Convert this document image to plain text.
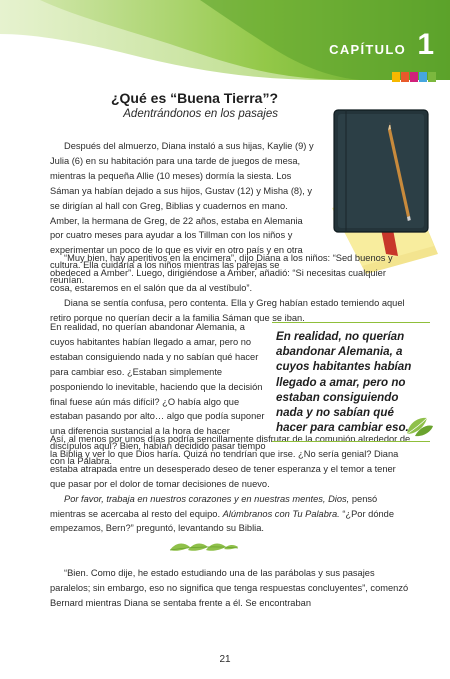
CAPÍTULO 1
¿Qué es “Buena Tierra”?
Adentrándonos en los pasajes

Después del almuerzo, Diana instaló a sus hijas, Kaylie (9) y Julia (6) en su habitación para una tarde de juegos de mesa, mientras la pequeña Allie (10 meses) dormía la siesta. Los Sáman ya habían dejado a sus hijos, Gustav (12) y Misha (8), y se dirigían al hall con Greg, Biblias y cuadernos en mano. Amber, la hermana de Greg, de 22 años, estaba en Alemania por cuatro meses para ayudar a los Tillman con los niños y experimentar un poco de lo que es vivir en otro país y en otra cultura. Ella cuidaría a los niños mientras las parejas se reunían.

“Muy bien, hay aperitivos en la encimera”, dijo Diana a los niños: “Sed buenos y obedeced a Amber”. Luego, dirigiéndose a Amber, añadió: “Si necesitas cualquier cosa, estaremos en el salón que da al vestíbulo”.

Diana se sentía confusa, pero contenta. Ella y Greg habían estado temiendo aquel retiro porque no querían decir a la familia Sáman que se iban.

En realidad, no querían abandonar Alemania, a cuyos habitantes habían llegado a amar, pero no estaban consiguiendo nada y no sabían qué hacer para cambiar eso. ¿Estaban simplemente posponiendo lo inevitable, haciendo que la decisión final fuese aún más difícil? ¿O había algo que estaban pasando por alto… algo que podía suponer una diferencia sustancial a la hora de hacer discípulos aquí? Bien, habían decidido pasar tiempo con la Palabra.

Así, al menos por unos días podría sencillamente disfrutar de la comunión alrededor de la Biblia y ver lo que Dios haría. Quizá no tendrían que irse. ¿No sería genial? Diana estaba atrapada entre un desesperado deseo de tener esperanza y el temor a tener que pasar por el dolor de tomar decisiones de nuevo.

Por favor, trabaja en nuestros corazones y en nuestras mentes, Dios, pensó mientras se acercaba al resto del equipo. Alúmbranos con Tu Palabra. “¿Por dónde empezamos, Bern?” preguntó, levantando su Biblia.

“Bien. Como dije, he estado estudiando una de las parábolas y sus pasajes paralelos; sin embargo, eso no significa que tenga respuestas concluyentes”, comenzó Bernard mientras Diana se sentaba frente a él. Se encontraban

En realidad, no querían abandonar Alemania, a cuyos habitantes habían llegado a amar, pero no estaban consiguiendo nada y no sabían qué hacer para cambiar eso.
21
